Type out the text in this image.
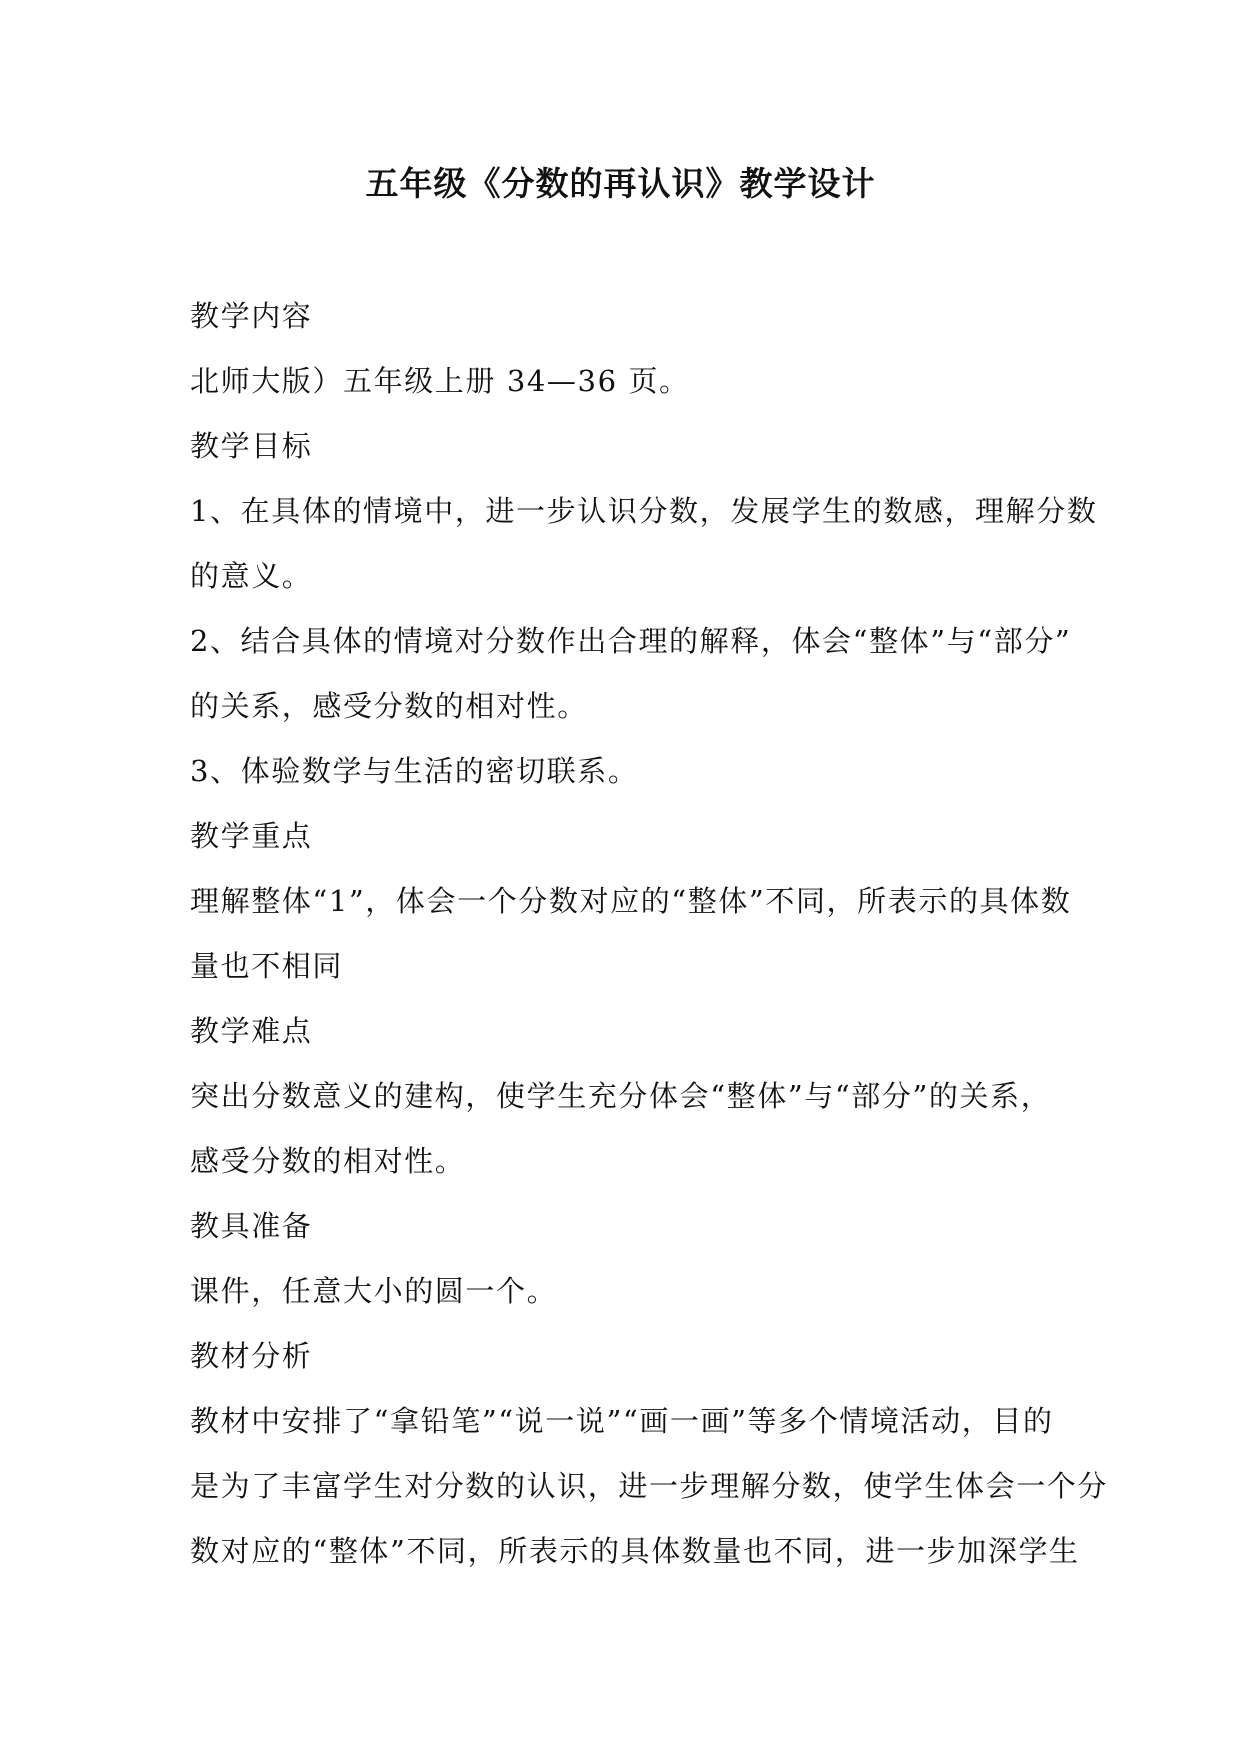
五年级《分数的再认识》教学设计
教学内容
北师大版）五年级上册 34—36 页。
教学目标
1、在具体的情境中，进一步认识分数，发展学生的数感，理解分数
的意义。
2、结合具体的情境对分数作出合理的解释，体会“整体”与“部分”
的关系，感受分数的相对性。
3、体验数学与生活的密切联系。
教学重点
理解整体“1”，体会一个分数对应的“整体”不同，所表示的具体数
量也不相同
教学难点
突出分数意义的建构，使学生充分体会“整体”与“部分”的关系，
感受分数的相对性。
教具准备
课件，任意大小的圆一个。
教材分析
教材中安排了“拿铅笔”“说一说”“画一画”等多个情境活动，目的
是为了丰富学生对分数的认识，进一步理解分数，使学生体会一个分
数对应的“整体”不同，所表示的具体数量也不同，进一步加深学生
